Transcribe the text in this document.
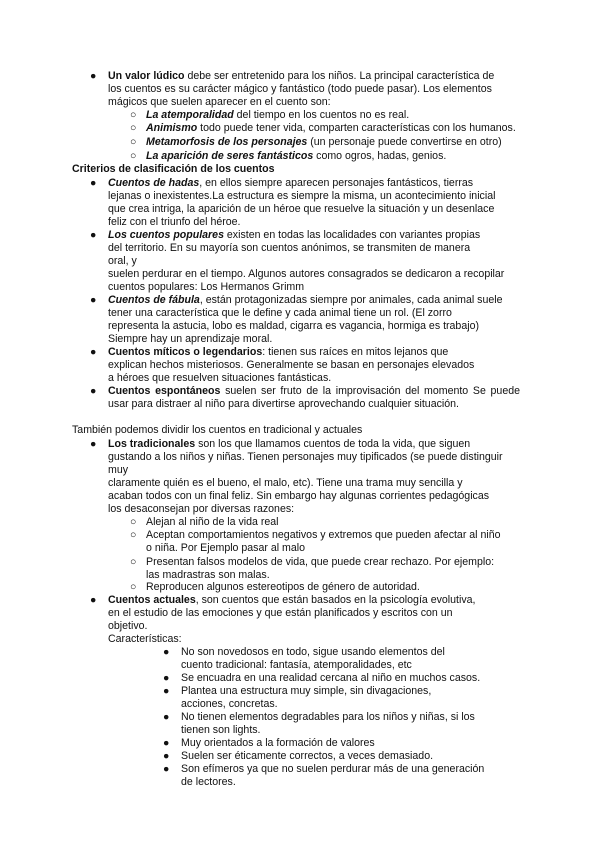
● Un valor lúdico debe ser entretenido para los niños. La principal característica de
los cuentos es su carácter mágico y fantástico (todo puede pasar). Los elementos
mágicos que suelen aparecer en el cuento son:
○ La atemporalidad del tiempo en los cuentos no es real.
○ Animismo todo puede tener vida, comparten características con los humanos.
○ Metamorfosis de los personajes (un personaje puede convertirse en otro)
○ La aparición de seres fantásticos como ogros, hadas, genios.
Criterios de clasificación de los cuentos
● Cuentos de hadas, en ellos siempre aparecen personajes fantásticos, tierras
lejanas o inexistentes.La estructura es siempre la misma, un acontecimiento inicial
que crea intriga, la aparición de un héroe que resuelve la situación y un desenlace
feliz con el triunfo del héroe.
● Los cuentos populares existen en todas las localidades con variantes propias
del territorio. En su mayoría son cuentos anónimos, se transmiten de manera
oral, y
suelen perdurar en el tiempo. Algunos autores consagrados se dedicaron a recopilar
cuentos populares: Los Hermanos Grimm
● Cuentos de fábula, están protagonizadas siempre por animales, cada animal suele
tener una característica que le define y cada animal tiene un rol. (El zorro
representa la astucia, lobo es maldad, cigarra es vagancia, hormiga es trabajo)
Siempre hay un aprendizaje moral.
● Cuentos míticos o legendarios: tienen sus raíces en mitos lejanos que
explican hechos misteriosos. Generalmente se basan en personajes elevados
a héroes que resuelven situaciones fantásticas.
● Cuentos espontáneos suelen ser fruto de la improvisación del momento Se puede usar para distraer al niño para divertirse aprovechando cualquier situación.
También podemos dividir los cuentos en tradicional y actuales
● Los tradicionales son los que llamamos cuentos de toda la vida, que siguen
gustando a los niños y niñas. Tienen personajes muy tipificados (se puede distinguir
muy
claramente quién es el bueno, el malo, etc). Tiene una trama muy sencilla y
acaban todos con un final feliz. Sin embargo hay algunas corrientes pedagógicas
los desaconsejan por diversas razones:
○ Alejan al niño de la vida real
○ Aceptan comportamientos negativos y extremos que pueden afectar al niño
o niña. Por Ejemplo pasar al malo
○ Presentan falsos modelos de vida, que puede crear rechazo. Por ejemplo:
las madrastras son malas.
○ Reproducen algunos estereotipos de género de autoridad.
● Cuentos actuales, son cuentos que están basados en la psicología evolutiva,
en el estudio de las emociones y que están planificados y escritos con un
objetivo.
Características:
● No son novedosos en todo, sigue usando elementos del
cuento tradicional: fantasía, atemporalidades, etc
● Se encuadra en una realidad cercana al niño en muchos casos.
● Plantea una estructura muy simple, sin divagaciones,
acciones, concretas.
● No tienen elementos degradables para los niños y niñas, si los
tienen son lights.
● Muy orientados a la formación de valores
● Suelen ser éticamente correctos, a veces demasiado.
● Son efímeros ya que no suelen perdurar más de una generación
de lectores.
